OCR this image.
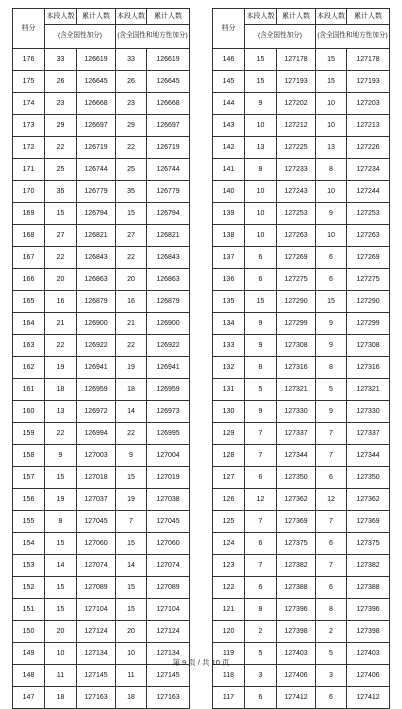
档分	本段人数	累计人数	本段人数	累计人数
	(含全国性加分)		(含全国性和地方性加分)	
176	33	126619	33	126619
175	26	126645	26	126645
174	23	126668	23	126668
173	29	126697	29	126697
172	22	126719	22	126719
171	25	126744	25	126744
170	35	126779	35	126779
169	15	126794	15	126794
168	27	126821	27	126821
167	22	126843	22	126843
166	20	126863	20	126863
165	16	126879	16	126879
164	21	126900	21	126900
163	22	126922	22	126922
162	19	126941	19	126941
161	18	126959	18	126959
160	13	126972	14	126973
159	22	126994	22	126995
158	9	127003	9	127004
157	15	127018	15	127019
156	19	127037	19	127038
155	8	127045	7	127045
154	15	127060	15	127060
153	14	127074	14	127074
152	15	127089	15	127089
151	15	127104	15	127104
150	20	127124	20	127124
149	10	127134	10	127134
148	11	127145	11	127145
147	18	127163	18	127163
档分	本段人数	累计人数	本段人数	累计人数
	(含全国性加分)		(含全国性和地方性加分)	
146	15	127178	15	127178
145	15	127193	15	127193
144	9	127202	10	127203
143	10	127212	10	127213
142	13	127225	13	127226
141	8	127233	8	127234
140	10	127243	10	127244
139	10	127253	9	127253
138	10	127263	10	127263
137	6	127269	6	127269
136	6	127275	6	127275
135	15	127290	15	127290
134	9	127299	9	127299
133	9	127308	9	127308
132	8	127316	8	127316
131	5	127321	5	127321
130	9	127330	9	127330
129	7	127337	7	127337
128	7	127344	7	127344
127	6	127350	6	127350
126	12	127362	12	127362
125	7	127369	7	127369
124	6	127375	6	127375
123	7	127382	7	127382
122	6	127388	6	127388
121	8	127396	8	127396
120	2	127398	2	127398
119	5	127403	5	127403
118	3	127406	3	127406
117	6	127412	6	127412
第 9 页 / 共 10 页
